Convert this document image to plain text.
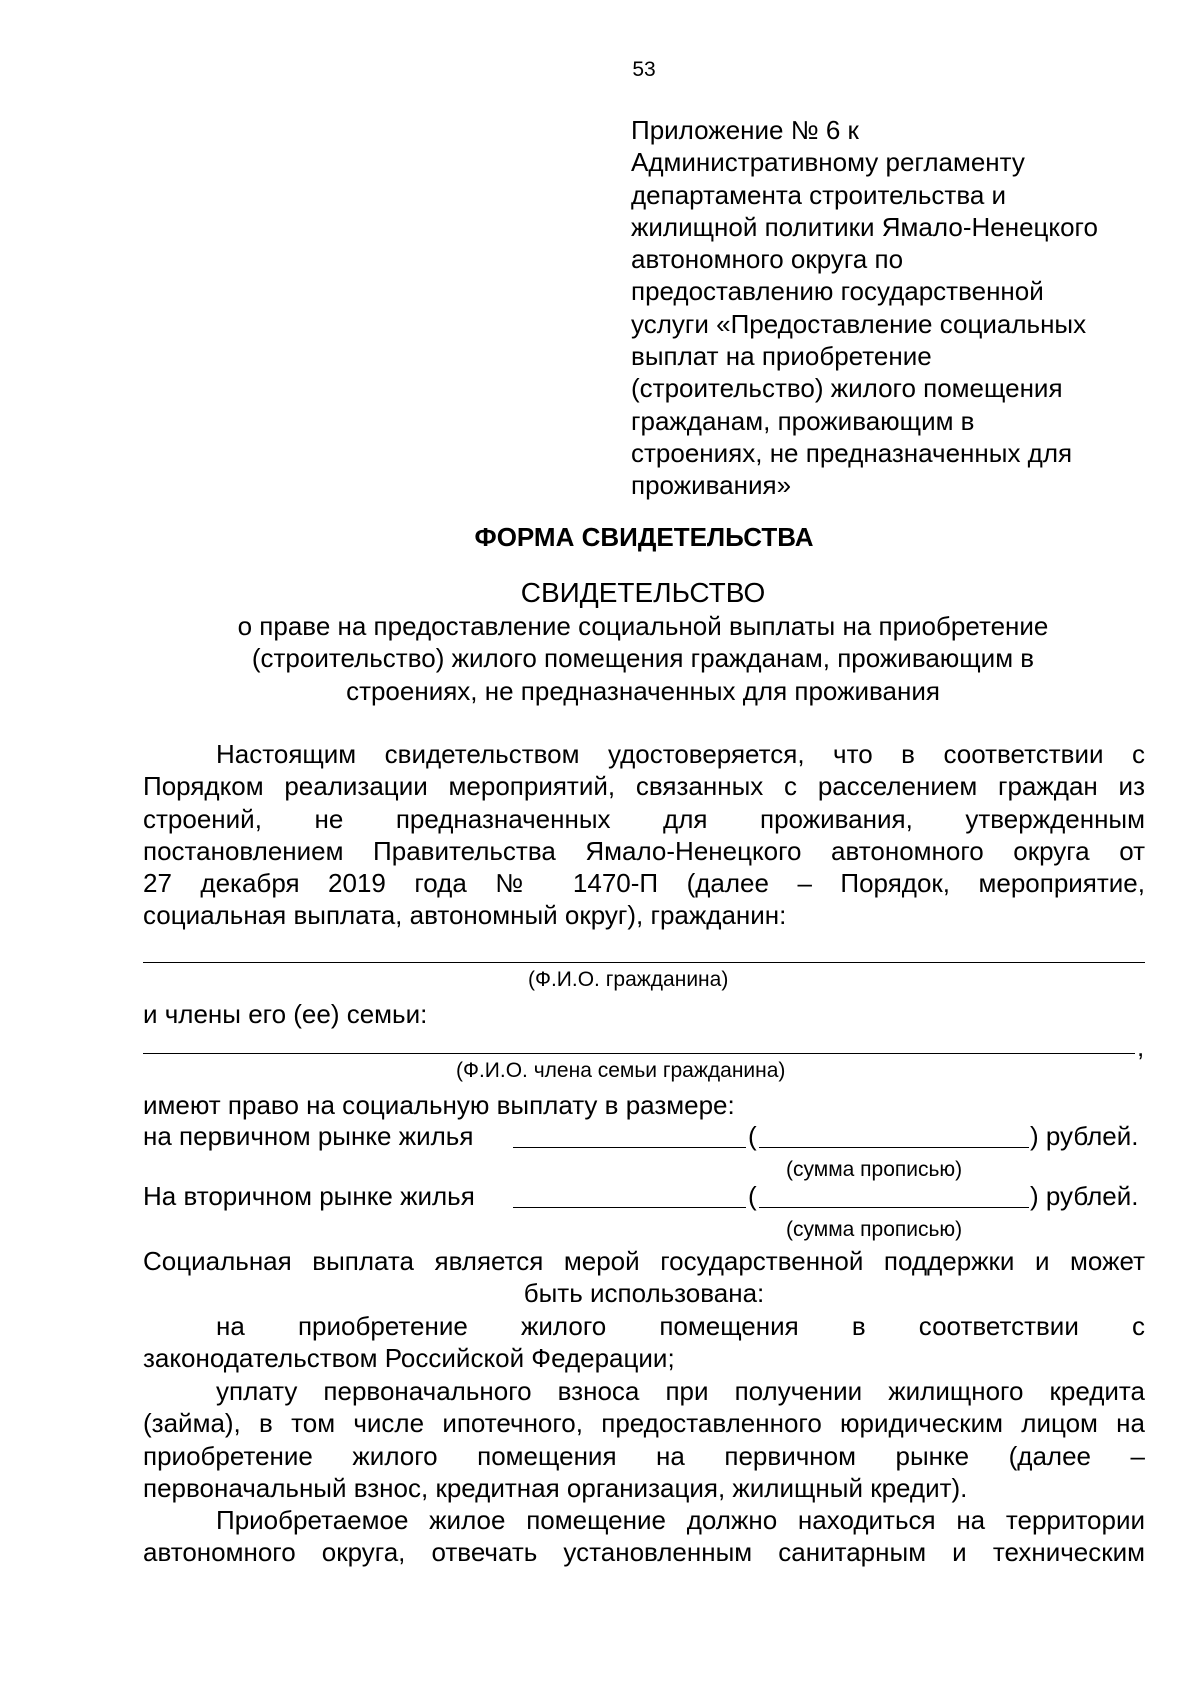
53
Приложение № 6 к
Административному регламенту
департамента строительства и
жилищной политики Ямало-Ненецкого
автономного округа по
предоставлению государственной
услуги «Предоставление социальных
выплат на приобретение
(строительство) жилого помещения
гражданам, проживающим в
строениях, не предназначенных для
проживания»
ФОРМА СВИДЕТЕЛЬСТВА
СВИДЕТЕЛЬСТВО
о праве на предоставление социальной выплаты на приобретение
(строительство) жилого помещения гражданам, проживающим в
строениях, не предназначенных для проживания
Настоящим свидетельством удостоверяется, что в соответствии с
Порядком реализации мероприятий, связанных с расселением граждан из
строений, не предназначенных для проживания, утвержденным
постановлением Правительства Ямало-Ненецкого автономного округа от
27 декабря 2019 года № 1470-П (далее – Порядок, мероприятие,
социальная выплата, автономный округ), гражданин:
(Ф.И.О. гражданина)
и члены его (ее) семьи:
,
(Ф.И.О. члена семьи гражданина)
имеют право на социальную выплату в размере:
на первичном рынке жилья	(	) рублей.
(сумма прописью)
На вторичном рынке жилья	(	) рублей.
(сумма прописью)
Социальная выплата является мерой государственной поддержки и может
быть использована:
на приобретение жилого помещения в соответствии с
законодательством Российской Федерации;
уплату первоначального взноса при получении жилищного кредита
(займа), в том числе ипотечного, предоставленного юридическим лицом на
приобретение жилого помещения на первичном рынке (далее –
первоначальный взнос, кредитная организация, жилищный кредит).
Приобретаемое жилое помещение должно находиться на территории
автономного округа, отвечать установленным санитарным и техническим
